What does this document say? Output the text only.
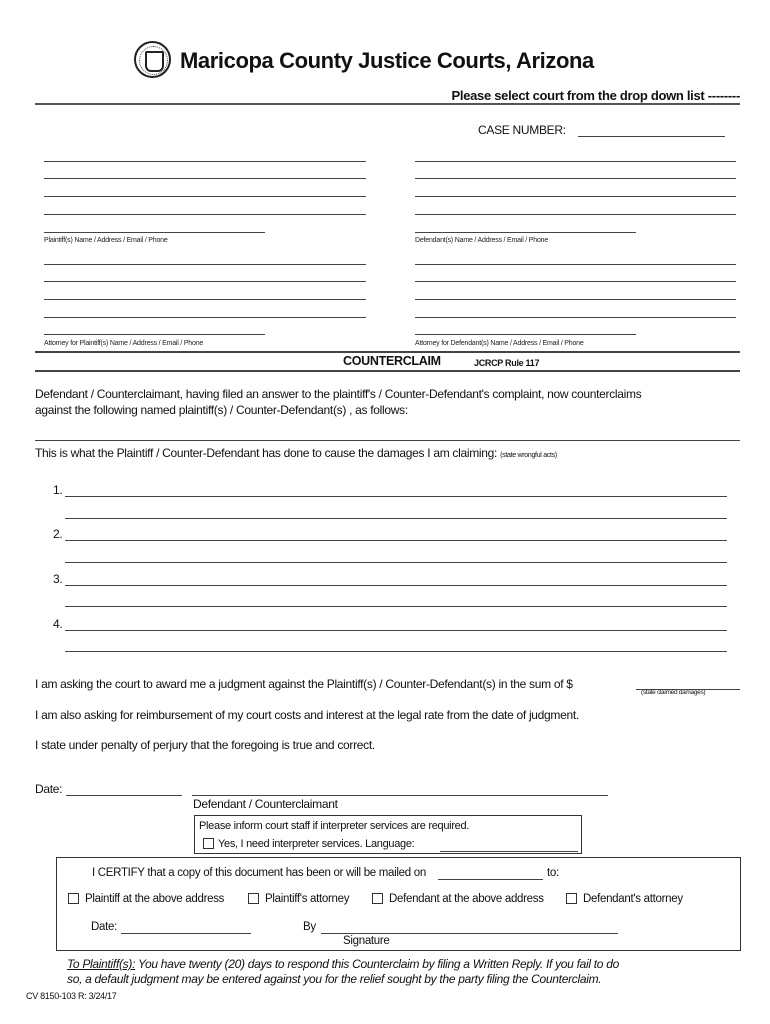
Maricopa County Justice Courts, Arizona
Please select court from the drop down list --------
CASE NUMBER:
Plaintiff(s) Name / Address / Email / Phone	Defendant(s) Name / Address / Email / Phone
Attorney for Plaintiff(s) Name / Address / Email / Phone	Attorney for Defendant(s) Name / Address / Email / Phone
COUNTERCLAIM	JCRCP Rule 117
Defendant / Counterclaimant, having filed an answer to the plaintiff's / Counter-Defendant's complaint, now counterclaims
against the following named plaintiff(s) / Counter-Defendant(s) , as follows:
This is what the Plaintiff / Counter-Defendant has done to cause the damages I am claiming: (state wrongful acts)
1.
2.
3.
4.
I am asking the court to award me a judgment against the Plaintiff(s) / Counter-Defendant(s) in the sum of $
(state claimed damages)
I am also asking for reimbursement of my court costs and interest at the legal rate from the date of judgment.
I state under penalty of perjury that the foregoing is true and correct.
Date:
Defendant / Counterclaimant
Please inform court staff if interpreter services are required.
Yes, I need interpreter services. Language:
I CERTIFY that a copy of this document has been or will be mailed on	to:
Plaintiff at the above address	Plaintiff's attorney	Defendant at the above address	Defendant's attorney
Date:	By
Signature
To Plaintiff(s): You have twenty (20) days to respond this Counterclaim by filing a Written Reply. If you fail to do
so, a default judgment may be entered against you for the relief sought by the party filing the Counterclaim.
CV 8150-103 R: 3/24/17
